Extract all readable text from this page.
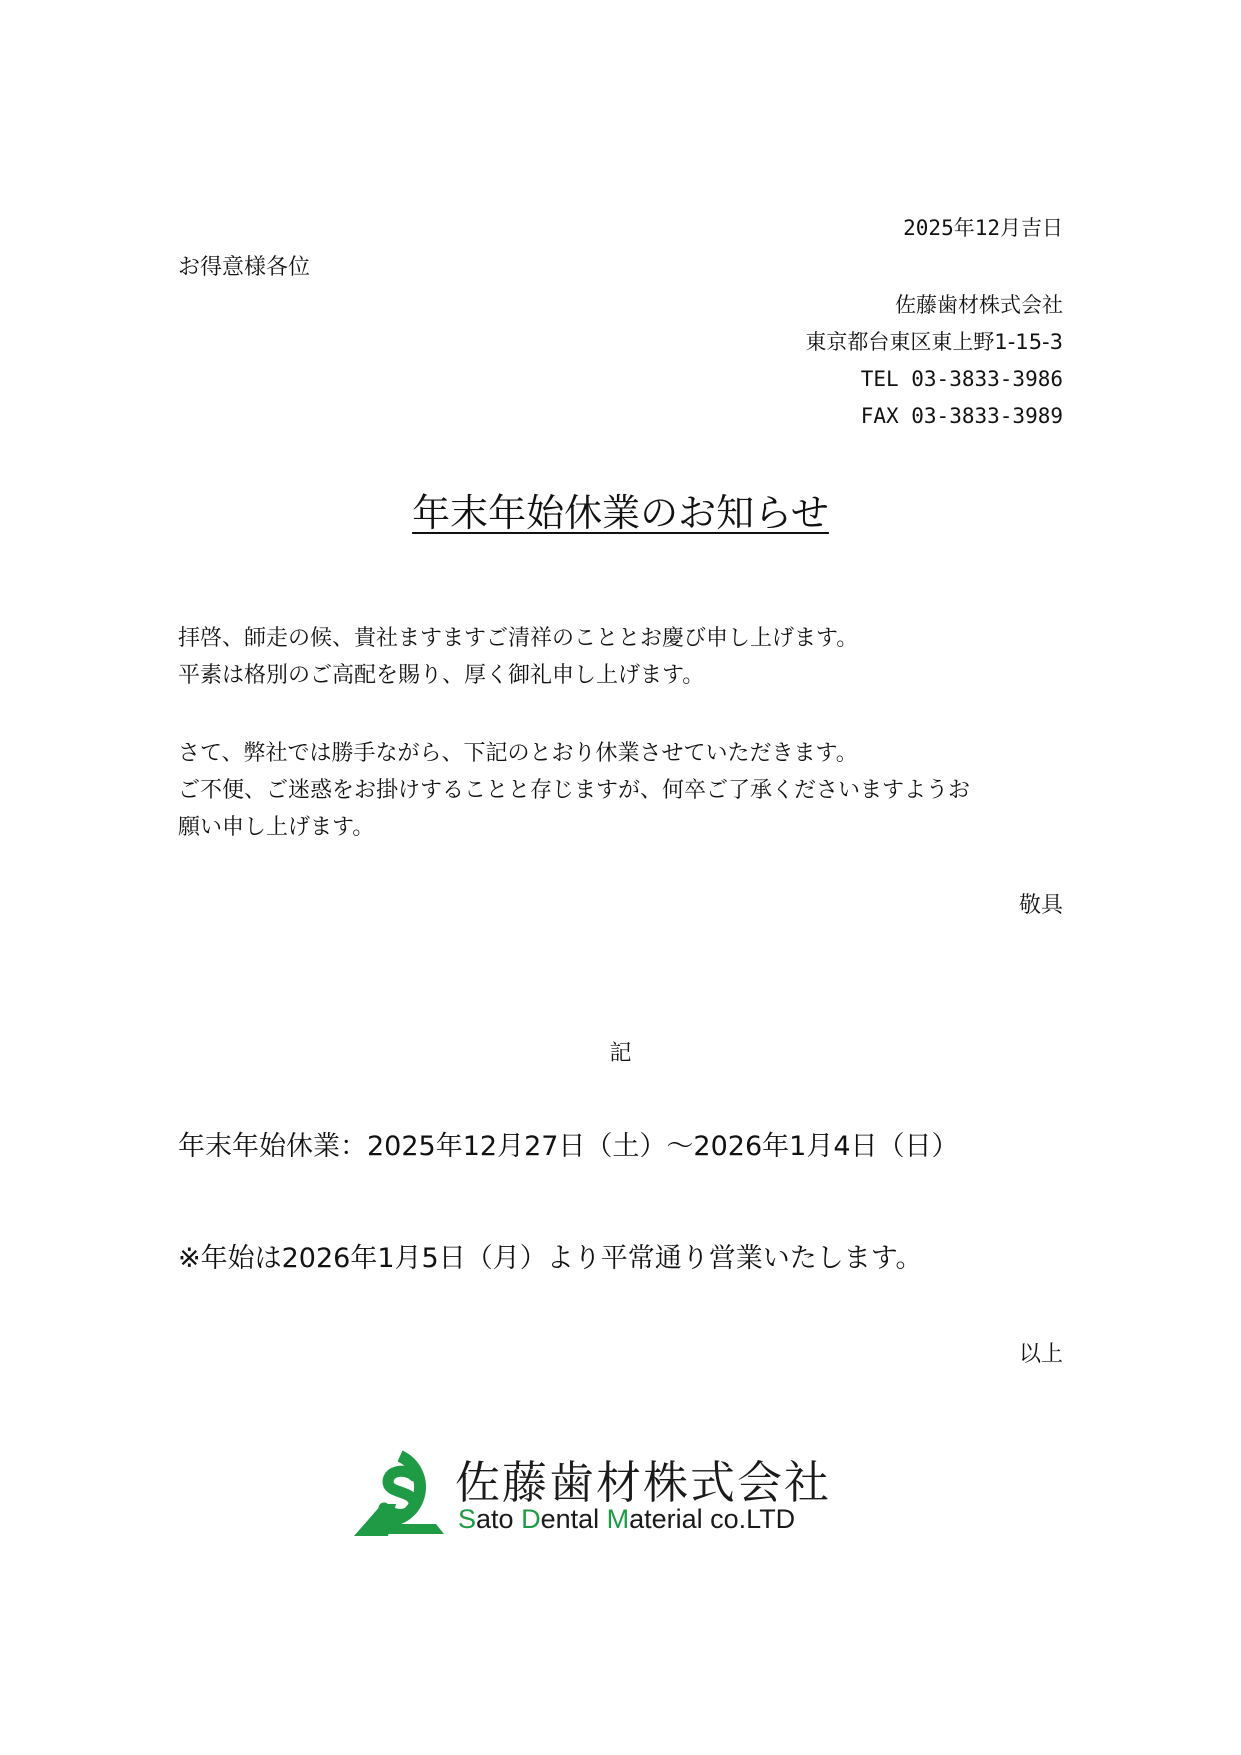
2025年12月吉日
お得意様各位
佐藤歯材株式会社
東京都台東区東上野1-15-3
TEL 03-3833-3986
FAX 03-3833-3989
年末年始休業のお知らせ
拝啓、師走の候、貴社ますますご清祥のこととお慶び申し上げます。
平素は格別のご高配を賜り、厚く御礼申し上げます。
さて、弊社では勝手ながら、下記のとおり休業させていただきます。
ご不便、ご迷惑をお掛けすることと存じますが、何卒ご了承くださいますようお
願い申し上げます。
敬具
記
年末年始休業：2025年12月27日（土）～2026年1月4日（日）
※年始は2026年1月5日（月）より平常通り営業いたします。
以上
佐藤歯材株式会社
Sato Dental Material co.LTD
